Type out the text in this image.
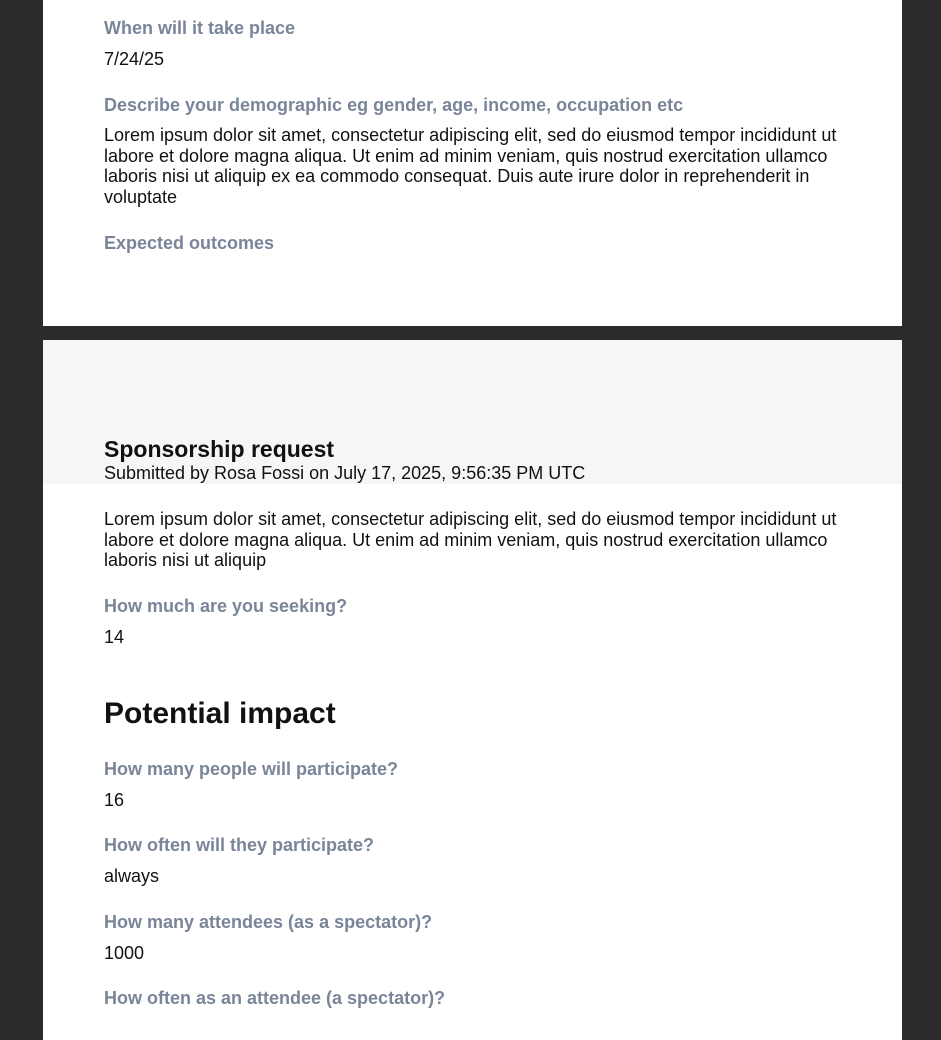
When will it take place

7/24/25

Describe your demographic eg gender, age, income, occupation etc

Lorem ipsum dolor sit amet, consectetur adipiscing elit, sed do eiusmod tempor incididunt ut labore et dolore magna aliqua. Ut enim ad minim veniam, quis nostrud exercitation ullamco laboris nisi ut aliquip ex ea commodo consequat. Duis aute irure dolor in reprehenderit in voluptate

Expected outcomes

Sponsorship request

Submitted by Rosa Fossi on July 17, 2025, 9:56:35 PM UTC

Lorem ipsum dolor sit amet, consectetur adipiscing elit, sed do eiusmod tempor incididunt ut labore et dolore magna aliqua. Ut enim ad minim veniam, quis nostrud exercitation ullamco laboris nisi ut aliquip

How much are you seeking?

14

Potential impact

How many people will participate?

16

How often will they participate?

always

How many attendees (as a spectator)?

1000

How often as an attendee (a spectator)?
